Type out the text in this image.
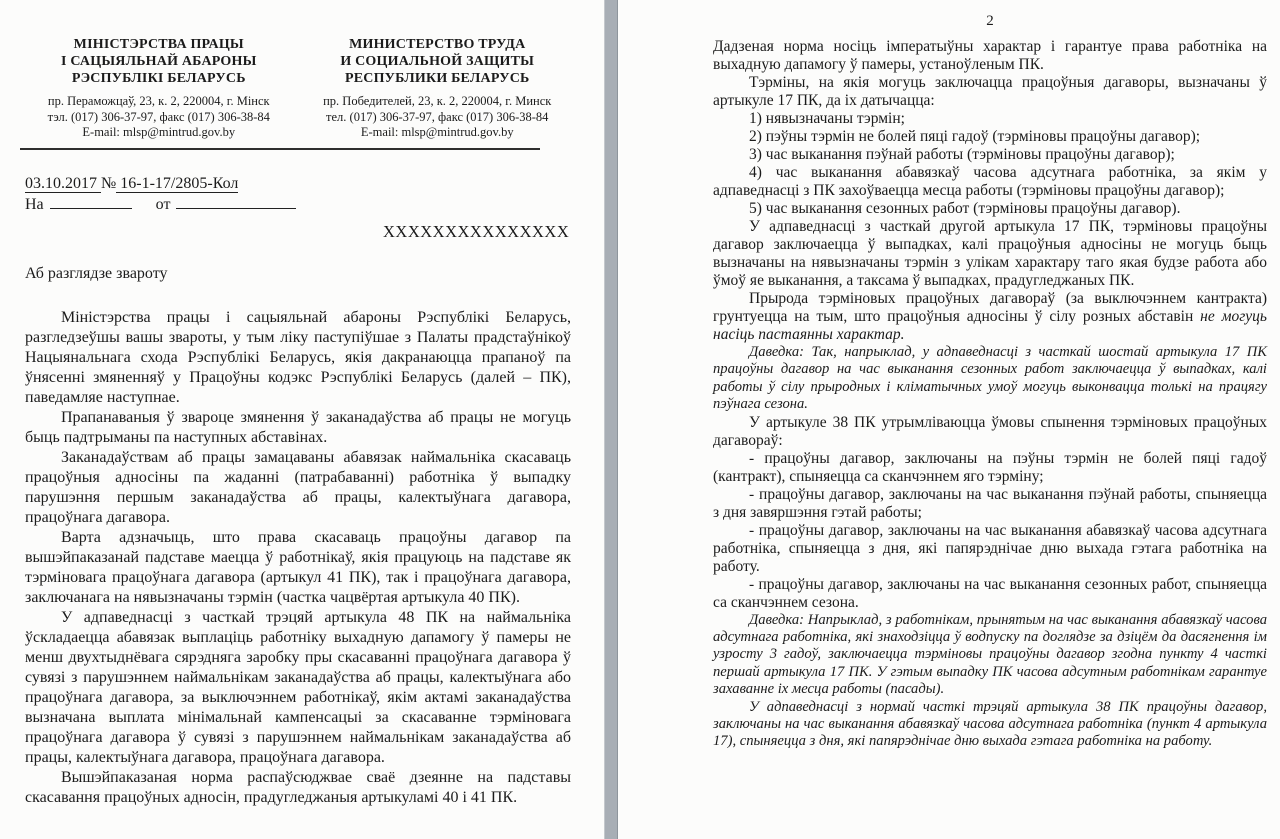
МІНІСТЭРСТВА ПРАЦЫ
І САЦЫЯЛЬНАЙ АБАРОНЫ
РЭСПУБЛІКІ БЕЛАРУСЬ
пр. Пераможцаў, 23, к. 2, 220004, г. Мінск
тэл. (017) 306-37-97, факс (017) 306-38-84
E-mail: mlsp@mintrud.gov.by
МИНИСТЕРСТВО ТРУДА
И СОЦИАЛЬНОЙ ЗАЩИТЫ
РЕСПУБЛИКИ БЕЛАРУСЬ
пр. Победителей, 23, к. 2, 220004, г. Минск
тел. (017) 306-37-97, факс (017) 306-38-84
E-mail: mlsp@mintrud.gov.by
03.10.2017 № 16-1-17/2805-Кол
На	от
XXXXXXXXXXXXXXX
Аб разглядзе звароту

Міністэрства працы і сацыяльнай абароны Рэспублікі Беларусь, разгледзеўшы вашы звароты, у тым ліку паступіўшае з Палаты прадстаўнікоў Нацыянальнага схода Рэспублікі Беларусь, якія дакранаюцца прапаноў па ўнясенні змяненняў у Працоўны кодэкс Рэспублікі Беларусь (далей – ПК), паведамляе наступнае.

Прапанаваныя ў звароце змянення ў заканадаўства аб працы не могуць быць падтрыманы па наступных абставінах.

Заканадаўствам аб працы замацаваны абавязак наймальніка скасаваць працоўныя адносіны па жаданні (патрабаванні) работніка ў выпадку парушэння першым заканадаўства аб працы, калектыўнага дагавора, працоўнага дагавора.

Варта адзначыць, што права скасаваць працоўны дагавор па вышэйпаказанай падставе маецца ў работнікаў, якія працуюць на падставе як тэрміновага працоўнага дагавора (артыкул 41 ПК), так і працоўнага дагавора, заключанага на нявызначаны тэрмін (частка чацвёртая артыкула 40 ПК).

У адпаведнасці з часткай трэцяй артыкула 48 ПК на наймальніка ўскладаецца абавязак выплаціць работніку выхадную дапамогу ў памеры не менш двухтыднёвага сярэдняга заробку пры скасаванні працоўнага дагавора ў сувязі з парушэннем наймальнікам заканадаўства аб працы, калектыўнага або працоўнага дагавора, за выключэннем работнікаў, якім актамі заканадаўства вызначана выплата мінімальнай кампенсацыі за скасаванне тэрміновага працоўнага дагавора ў сувязі з парушэннем наймальнікам заканадаўства аб працы, калектыўнага дагавора, працоўнага дагавора.

Вышэйпаказаная норма распаўсюджвае сваё дзеянне на падставы скасавання працоўных адносін, прадугледжаныя артыкуламі 40 і 41 ПК.

2

Дадзеная норма носіць імператыўны характар і гарантуе права работніка на выхадную дапамогу ў памеры, устаноўленым ПК.

Тэрміны, на якія могуць заключацца працоўныя дагаворы, вызначаны ў артыкуле 17 ПК, да іх датычацца:

1) нявызначаны тэрмін;

2) пэўны тэрмін не болей пяці гадоў (тэрміновы працоўны дагавор);

3) час выканання пэўнай работы (тэрміновы працоўны дагавор);

4) час выканання абавязкаў часова адсутнага работніка, за якім у адпаведнасці з ПК захоўваецца месца работы (тэрміновы працоўны дагавор);

5) час выканання сезонных работ (тэрміновы працоўны дагавор).

У адпаведнасці з часткай другой артыкула 17 ПК, тэрміновы працоўны дагавор заключаецца ў выпадках, калі працоўныя адносіны не могуць быць вызначаны на нявызначаны тэрмін з улікам характару таго якая будзе работа або ўмоў яе выканання, а таксама ў выпадках, прадугледжаных ПК.

Прырода тэрміновых працоўных дагавораў (за выключэннем кантракта) грунтуецца на тым, што працоўныя адносіны ў сілу розных абставін не могуць насіць пастаянны характар.

Даведка: Так, напрыклад, у адпаведнасці з часткай шостай артыкула 17 ПК працоўны дагавор на час выканання сезонных работ заключаецца ў выпадках, калі работы ў сілу прыродных і кліматычных умоў могуць выконвацца толькі на працягу пэўнага сезона.

У артыкуле 38 ПК утрымліваюцца ўмовы спынення тэрміновых працоўных дагавораў:

- працоўны дагавор, заключаны на пэўны тэрмін не болей пяці гадоў (кантракт), спыняецца са сканчэннем яго тэрміну;

- працоўны дагавор, заключаны на час выканання пэўнай работы, спыняецца з дня завяршэння гэтай работы;

- працоўны дагавор, заключаны на час выканання абавязкаў часова адсутнага работніка, спыняецца з дня, які папярэднічае дню выхада гэтага работніка на работу.

- працоўны дагавор, заключаны на час выканання сезонных работ, спыняецца са сканчэннем сезона.

Даведка: Напрыклад, з работнікам, прынятым на час выканання абавязкаў часова адсутнага работніка, які знаходзіцца ў водпуску па доглядзе за дзіцём да дасягнення ім узросту 3 гадоў, заключаецца тэрміновы працоўны дагавор згодна пункту 4 часткі першай артыкула 17 ПК. У гэтым выпадку ПК часова адсутным работнікам гарантуе захаванне іх месца работы (пасады).

У адпаведнасці з нормай часткі трэцяй артыкула 38 ПК працоўны дагавор, заключаны на час выканання абавязкаў часова адсутнага работніка (пункт 4 артыкула 17), спыняецца з дня, які папярэднічае дню выхада гэтага работніка на работу.
